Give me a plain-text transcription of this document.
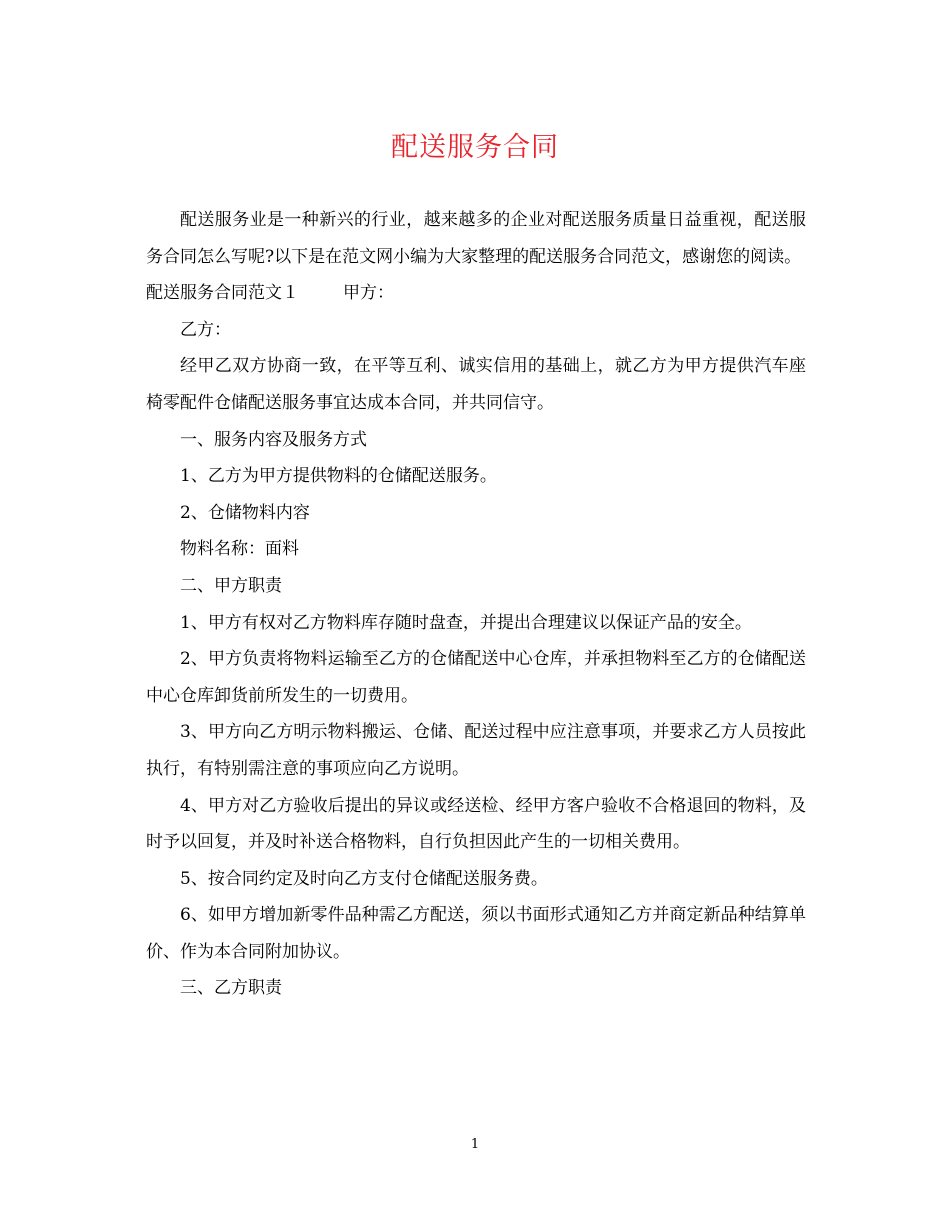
配送服务合同

配送服务业是一种新兴的行业，越来越多的企业对配送服务质量日益重视，配送服务合同怎么写呢?以下是在范文网小编为大家整理的配送服务合同范文，感谢您的阅读。

配送服务合同范文１	甲方：

乙方：

经甲乙双方协商一致，在平等互利、诚实信用的基础上，就乙方为甲方提供汽车座椅零配件仓储配送服务事宜达成本合同，并共同信守。

一、服务内容及服务方式

1、乙方为甲方提供物料的仓储配送服务。

2、仓储物料内容

物料名称：面料

二、甲方职责

1、甲方有权对乙方物料库存随时盘查，并提出合理建议以保证产品的安全。

2、甲方负责将物料运输至乙方的仓储配送中心仓库，并承担物料至乙方的仓储配送中心仓库卸货前所发生的一切费用。

3、甲方向乙方明示物料搬运、仓储、配送过程中应注意事项，并要求乙方人员按此执行，有特别需注意的事项应向乙方说明。

4、甲方对乙方验收后提出的异议或经送检、经甲方客户验收不合格退回的物料，及时予以回复，并及时补送合格物料，自行负担因此产生的一切相关费用。

5、按合同约定及时向乙方支付仓储配送服务费。

6、如甲方增加新零件品种需乙方配送，须以书面形式通知乙方并商定新品种结算单价、作为本合同附加协议。

三、乙方职责

1
